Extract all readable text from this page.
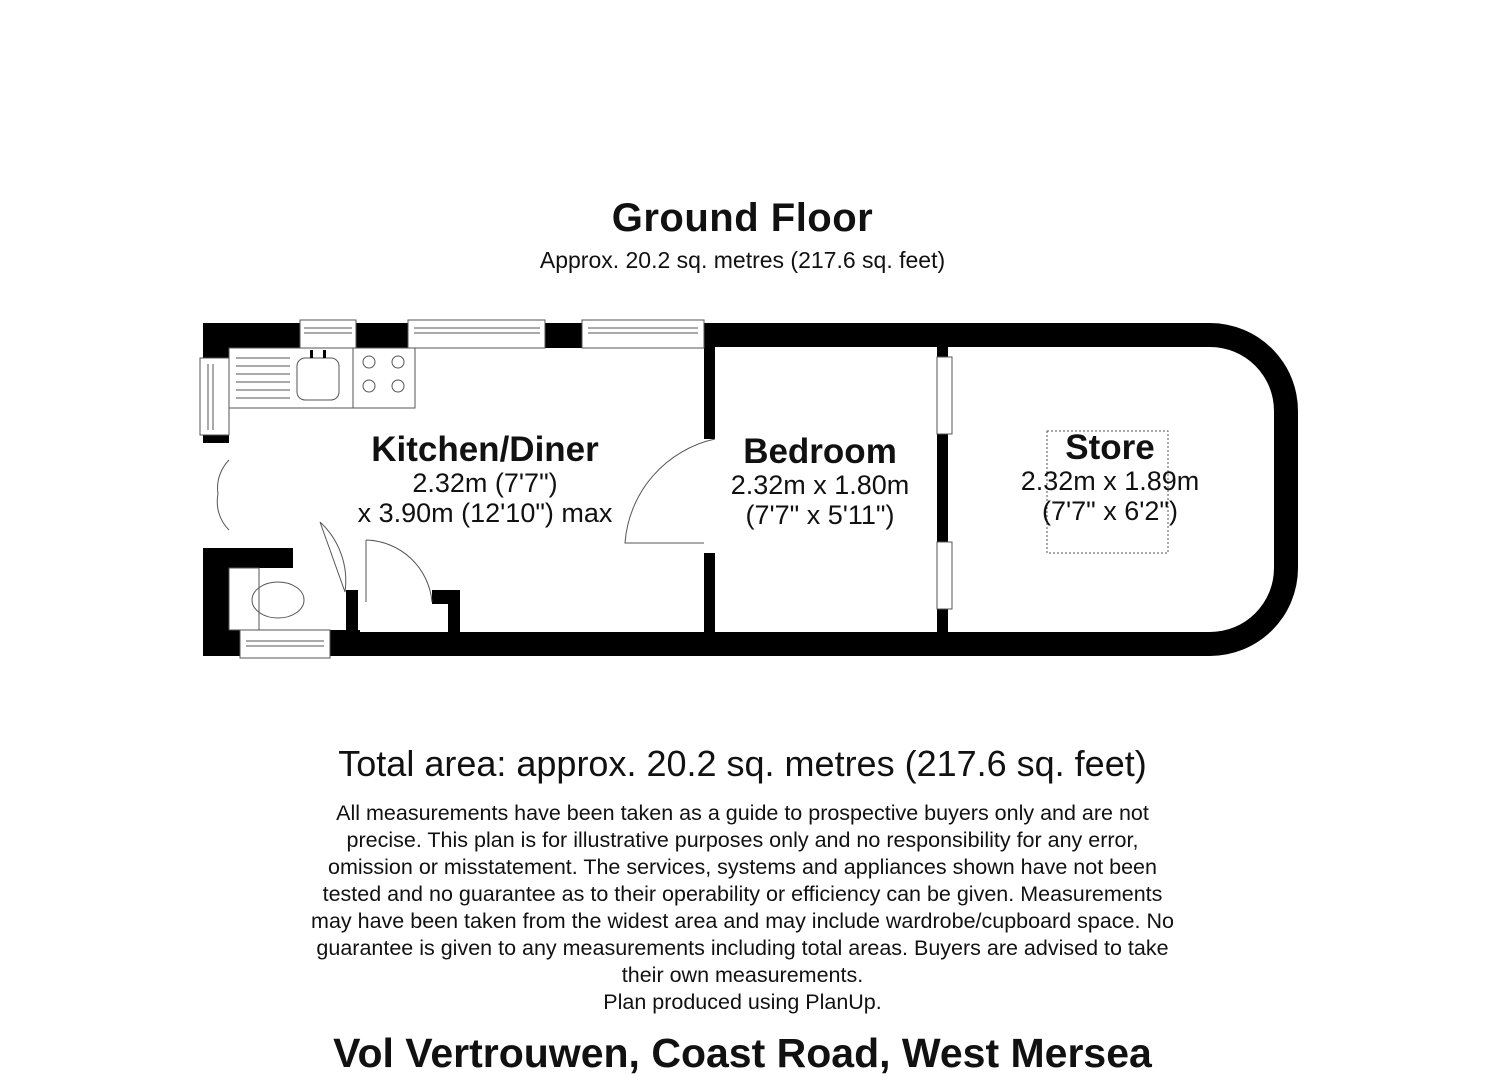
Ground Floor
Approx. 20.2 sq. metres (217.6 sq. feet)
Kitchen/Diner
2.32m (7'7")
x 3.90m (12'10") max
Bedroom
2.32m x 1.80m
(7'7" x 5'11")
Store
2.32m x 1.89m
(7'7" x 6'2")
Total area: approx. 20.2 sq. metres (217.6 sq. feet)
All measurements have been taken as a guide to prospective buyers only and are not
precise. This plan is for illustrative purposes only and no responsibility for any error,
omission or misstatement. The services, systems and appliances shown have not been
tested and no guarantee as to their operability or efficiency can be given. Measurements
may have been taken from the widest area and may include wardrobe/cupboard space. No
guarantee is given to any measurements including total areas. Buyers are advised to take
their own measurements.
Plan produced using PlanUp.
Vol Vertrouwen, Coast Road, West Mersea
